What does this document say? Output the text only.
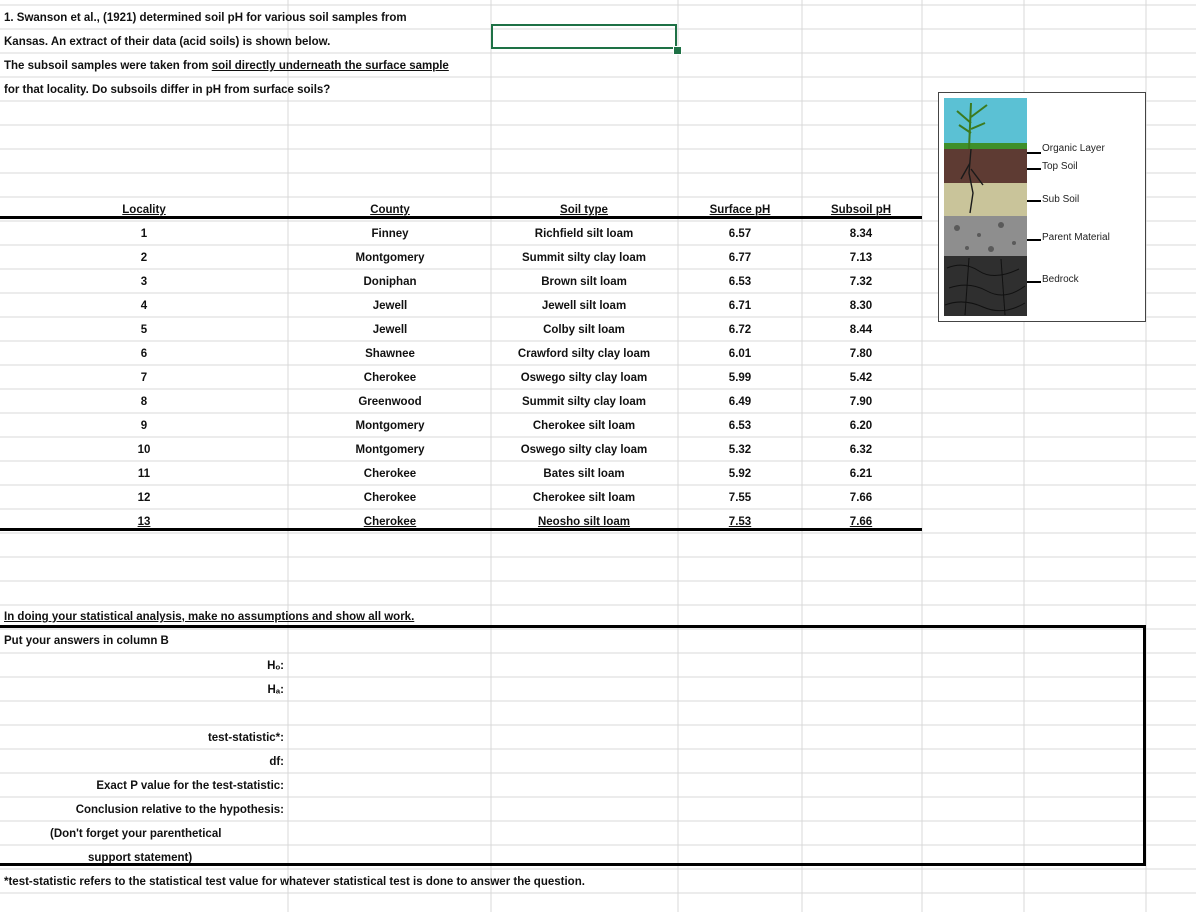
1. Swanson et al., (1921) determined soil pH for various soil samples from
Kansas. An extract of their data (acid soils) is shown below.
The subsoil samples were taken from soil directly underneath the surface sample
for that locality. Do subsoils differ in pH from surface soils?
Locality	County	Soil type	Surface pH	Subsoil pH
1	Finney	Richfield silt loam	6.57	8.34
2	Montgomery	Summit silty clay loam	6.77	7.13
3	Doniphan	Brown silt loam	6.53	7.32
4	Jewell	Jewell silt loam	6.71	8.30
5	Jewell	Colby silt loam	6.72	8.44
6	Shawnee	Crawford silty clay loam	6.01	7.80
7	Cherokee	Oswego silty clay loam	5.99	5.42
8	Greenwood	Summit silty clay loam	6.49	7.90
9	Montgomery	Cherokee silt loam	6.53	6.20
10	Montgomery	Oswego silty clay loam	5.32	6.32
11	Cherokee	Bates silt loam	5.92	6.21
12	Cherokee	Cherokee silt loam	7.55	7.66
13	Cherokee	Neosho silt loam	7.53	7.66
Organic Layer
Top Soil
Sub Soil
Parent Material
Bedrock
In doing your statistical analysis, make no assumptions and show all work.
Put your answers in column B
Hₒ:
Hₐ:
test-statistic*:
df:
Exact P value for the test-statistic:
Conclusion relative to the hypothesis:
(Don't forget your parenthetical
support statement)
*test-statistic refers to the statistical test value for whatever statistical test is done to answer the question.
